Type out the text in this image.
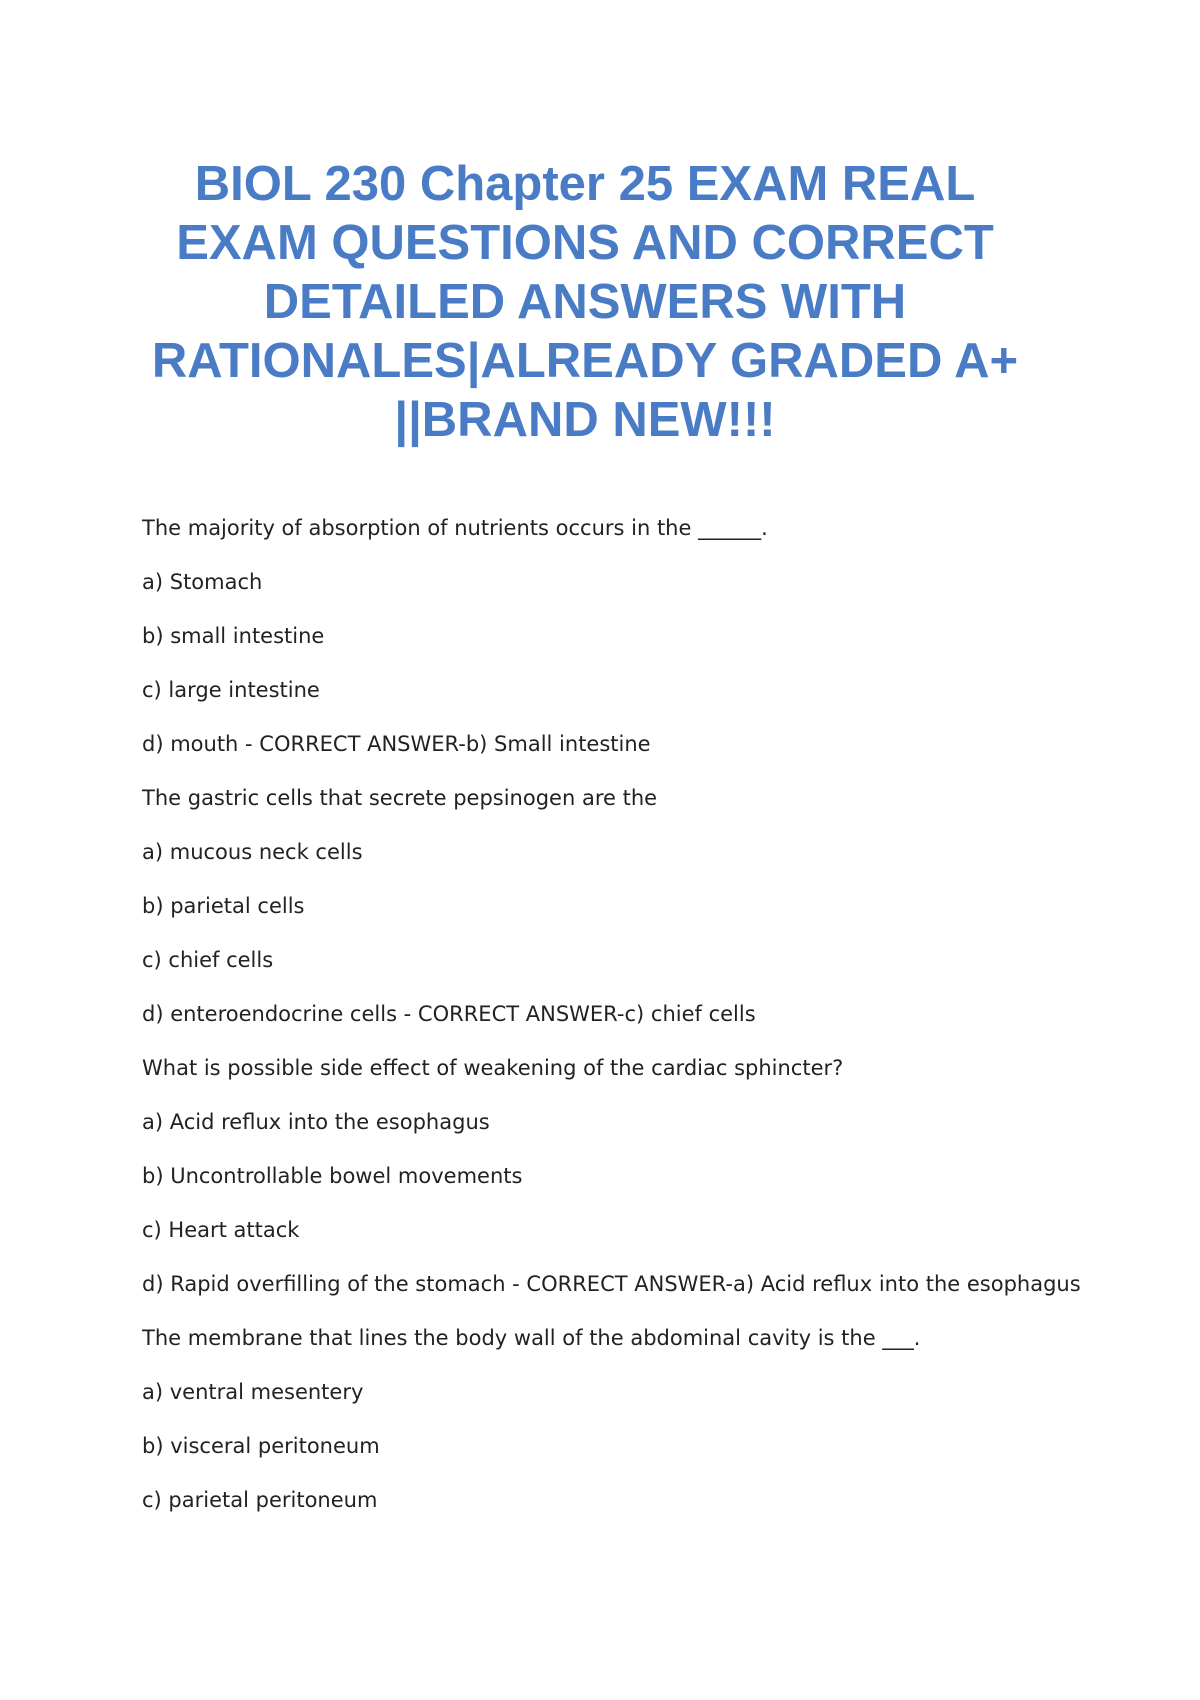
BIOL 230 Chapter 25 EXAM REAL
EXAM QUESTIONS AND CORRECT
DETAILED ANSWERS WITH
RATIONALES|ALREADY GRADED A+
||BRAND NEW!!!
The majority of absorption of nutrients occurs in the ______.
a) Stomach
b) small intestine
c) large intestine
d) mouth - CORRECT ANSWER-b) Small intestine
The gastric cells that secrete pepsinogen are the
a) mucous neck cells
b) parietal cells
c) chief cells
d) enteroendocrine cells - CORRECT ANSWER-c) chief cells
What is possible side effect of weakening of the cardiac sphincter?
a) Acid reflux into the esophagus
b) Uncontrollable bowel movements
c) Heart attack
d) Rapid overfilling of the stomach - CORRECT ANSWER-a) Acid reflux into the esophagus
The membrane that lines the body wall of the abdominal cavity is the ___.
a) ventral mesentery
b) visceral peritoneum
c) parietal peritoneum
